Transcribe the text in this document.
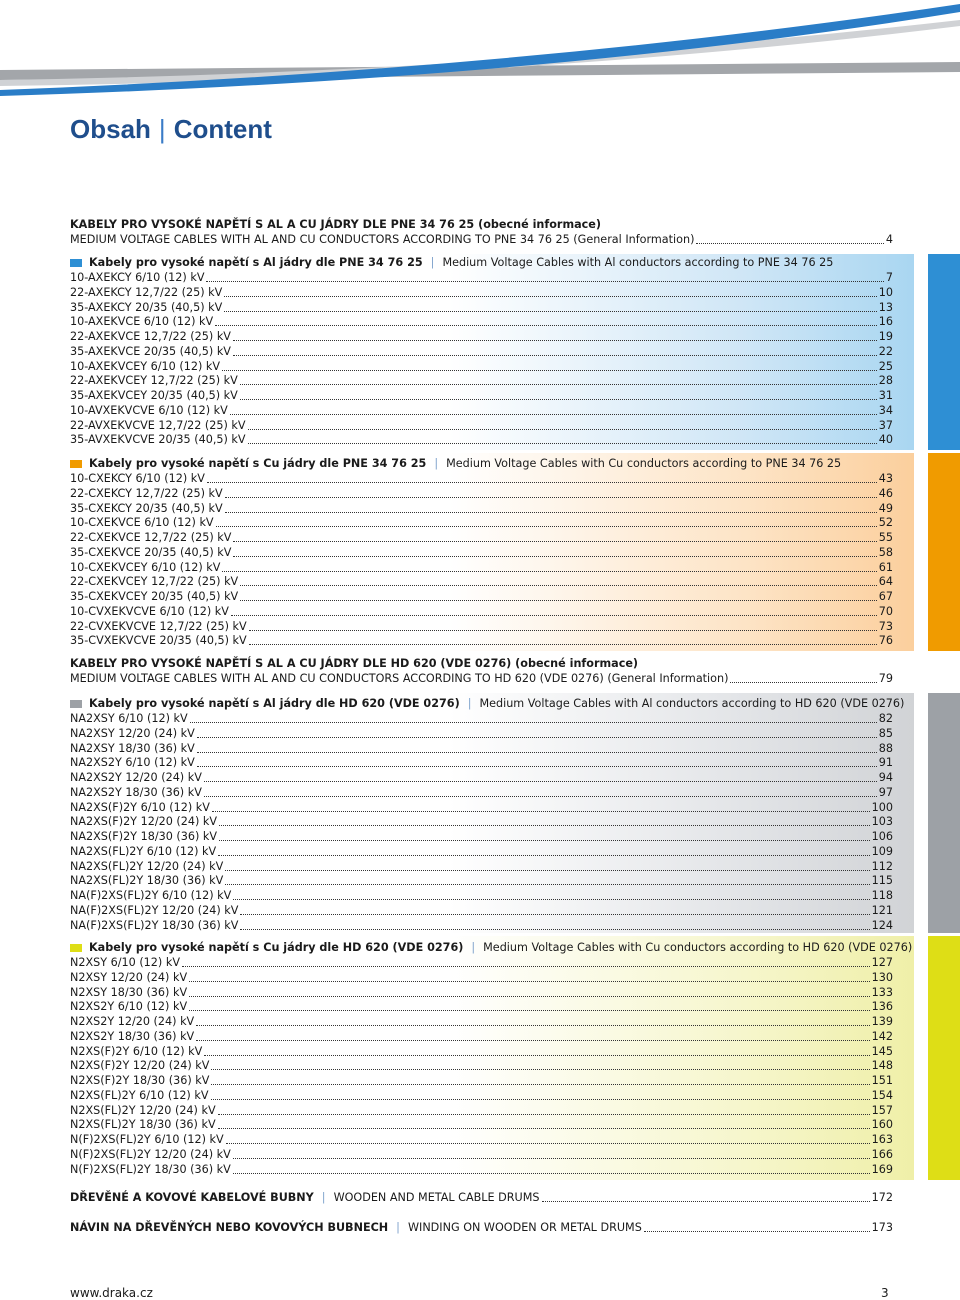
Obsah | Content
KABELY PRO VYSOKÉ NAPĚTÍ S AL A CU JÁDRY DLE PNE 34 76 25 (obecné informace)
MEDIUM VOLTAGE CABLES WITH AL AND CU CONDUCTORS ACCORDING TO PNE 34 76 25 (General Information)	4
Kabely pro vysoké napětí s Al jádry dle PNE 34 76 25 | Medium Voltage Cables with Al conductors according to PNE 34 76 25
10-AXEKCY 6/10 (12) kV	7
22-AXEKCY 12,7/22 (25) kV	10
35-AXEKCY 20/35 (40,5) kV	13
10-AXEKVCE 6/10 (12) kV	16
22-AXEKVCE 12,7/22 (25) kV	19
35-AXEKVCE 20/35 (40,5) kV	22
10-AXEKVCEY 6/10 (12) kV	25
22-AXEKVCEY 12,7/22 (25) kV	28
35-AXEKVCEY 20/35 (40,5) kV	31
10-AVXEKVCVE 6/10 (12) kV	34
22-AVXEKVCVE 12,7/22 (25) kV	37
35-AVXEKVCVE 20/35 (40,5) kV	40
Kabely pro vysoké napětí s Cu jádry dle PNE 34 76 25 | Medium Voltage Cables with Cu conductors according to PNE 34 76 25
10-CXEKCY 6/10 (12) kV	43
22-CXEKCY 12,7/22 (25) kV	46
35-CXEKCY 20/35 (40,5) kV	49
10-CXEKVCE 6/10 (12) kV	52
22-CXEKVCE 12,7/22 (25) kV	55
35-CXEKVCE 20/35 (40,5) kV	58
10-CXEKVCEY 6/10 (12) kV	61
22-CXEKVCEY 12,7/22 (25) kV	64
35-CXEKVCEY 20/35 (40,5) kV	67
10-CVXEKVCVE 6/10 (12) kV	70
22-CVXEKVCVE 12,7/22 (25) kV	73
35-CVXEKVCVE 20/35 (40,5) kV	76
KABELY PRO VYSOKÉ NAPĚTÍ S AL A CU JÁDRY DLE HD 620 (VDE 0276) (obecné informace)
MEDIUM VOLTAGE CABLES WITH AL AND CU CONDUCTORS ACCORDING TO HD 620 (VDE 0276) (General Information)	79
Kabely pro vysoké napětí s Al jádry dle HD 620 (VDE 0276) | Medium Voltage Cables with Al conductors according to HD 620 (VDE 0276)
NA2XSY 6/10 (12) kV	82
NA2XSY 12/20 (24) kV	85
NA2XSY 18/30 (36) kV	88
NA2XS2Y 6/10 (12) kV	91
NA2XS2Y 12/20 (24) kV	94
NA2XS2Y 18/30 (36) kV	97
NA2XS(F)2Y 6/10 (12) kV	100
NA2XS(F)2Y 12/20 (24) kV	103
NA2XS(F)2Y 18/30 (36) kV	106
NA2XS(FL)2Y 6/10 (12) kV	109
NA2XS(FL)2Y 12/20 (24) kV	112
NA2XS(FL)2Y 18/30 (36) kV	115
NA(F)2XS(FL)2Y 6/10 (12) kV	118
NA(F)2XS(FL)2Y 12/20 (24) kV	121
NA(F)2XS(FL)2Y 18/30 (36) kV	124
Kabely pro vysoké napětí s Cu jádry dle HD 620 (VDE 0276) | Medium Voltage Cables with Cu conductors according to HD 620 (VDE 0276)
N2XSY 6/10 (12) kV	127
N2XSY 12/20 (24) kV	130
N2XSY 18/30 (36) kV	133
N2XS2Y 6/10 (12) kV	136
N2XS2Y 12/20 (24) kV	139
N2XS2Y 18/30 (36) kV	142
N2XS(F)2Y 6/10 (12) kV	145
N2XS(F)2Y 12/20 (24) kV	148
N2XS(F)2Y 18/30 (36) kV	151
N2XS(FL)2Y 6/10 (12) kV	154
N2XS(FL)2Y 12/20 (24) kV	157
N2XS(FL)2Y 18/30 (36) kV	160
N(F)2XS(FL)2Y 6/10 (12) kV	163
N(F)2XS(FL)2Y 12/20 (24) kV	166
N(F)2XS(FL)2Y 18/30 (36) kV	169
DŘEVĚNÉ A KOVOVÉ KABELOVÉ BUBNY | WOODEN AND METAL CABLE DRUMS	172
NÁVIN NA DŘEVĚNÝCH NEBO KOVOVÝCH BUBNECH | WINDING ON WOODEN OR METAL DRUMS	173
www.draka.cz	3
